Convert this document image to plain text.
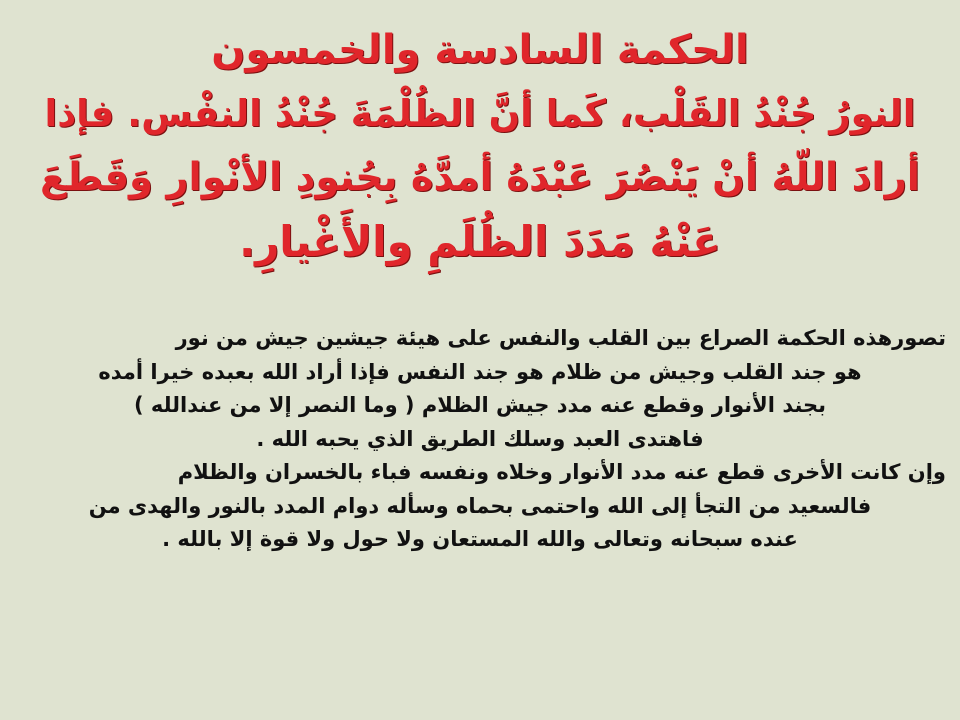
الحكمة السادسة والخمسون
النورُ جُنْدُ القَلْب، كَما أنَّ الظُلْمَةَ جُنْدُ النفْس. فإذا
أرادَ اللّهُ أنْ يَنْصُرَ عَبْدَهُ أمدَّهُ بِجُنودِ الأنْوارِ وَقَطَعَ
عَنْهُ مَدَدَ الظُلَمِ والأَغْيارِ.
تصورهذه الحكمة الصراع بين القلب والنفس على هيئة جيشين جيش من نور
هو جند القلب وجيش من ظلام هو جند النفس فإذا أراد الله بعبده خيرا أمده
بجند الأنوار وقطع عنه مدد جيش الظلام ( وما النصر إلا من عندالله )
فاهتدى العبد وسلك الطريق الذي يحبه الله .
وإن كانت الأخرى قطع عنه مدد الأنوار وخلاه ونفسه فباء بالخسران والظلام
فالسعيد من التجأ إلى الله واحتمى بحماه وسأله دوام المدد بالنور والهدى من
عنده سبحانه وتعالى والله المستعان ولا حول ولا قوة إلا بالله .
